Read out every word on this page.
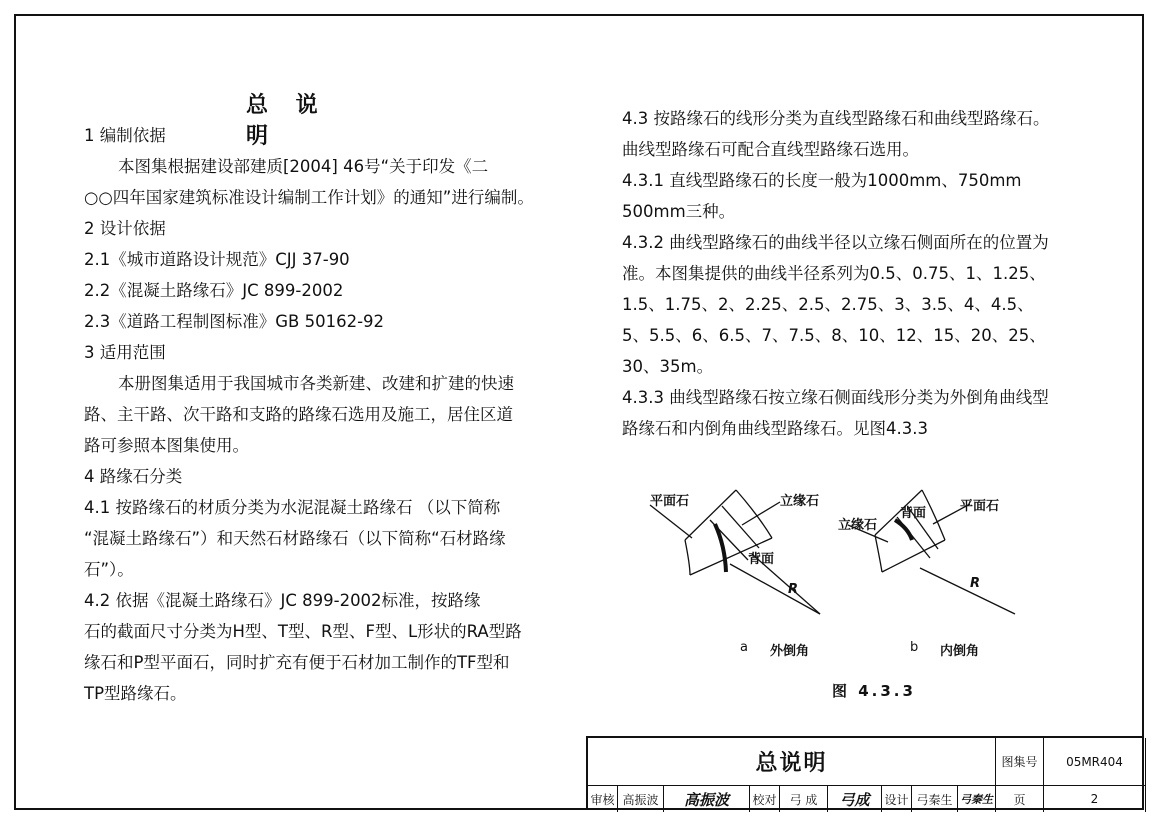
总 说 明
1 编制依据
本图集根据建设部建质[2004] 46号“关于印发《二
○○四年国家建筑标准设计编制工作计划》的通知”进行编制。
2 设计依据
2.1《城市道路设计规范》CJJ 37-90
2.2《混凝土路缘石》JC 899-2002
2.3《道路工程制图标准》GB 50162-92
3 适用范围
本册图集适用于我国城市各类新建、改建和扩建的快速
路、主干路、次干路和支路的路缘石选用及施工，居住区道
路可参照本图集使用。
4 路缘石分类
4.1 按路缘石的材质分类为水泥混凝土路缘石 （以下简称
“混凝土路缘石”）和天然石材路缘石（以下简称“石材路缘
石”）。
4.2 依据《混凝土路缘石》JC 899-2002标准，按路缘
石的截面尺寸分类为H型、T型、R型、F型、L形状的RA型路
缘石和P型平面石，同时扩充有便于石材加工制作的TF型和
TP型路缘石。
4.3 按路缘石的线形分类为直线型路缘石和曲线型路缘石。
曲线型路缘石可配合直线型路缘石选用。
4.3.1 直线型路缘石的长度一般为1000mm、750mm
500mm三种。
4.3.2 曲线型路缘石的曲线半径以立缘石侧面所在的位置为
准。本图集提供的曲线半径系列为0.5、0.75、1、1.25、
1.5、1.75、2、2.25、2.5、2.75、3、3.5、4、4.5、
5、5.5、6、6.5、7、7.5、8、10、12、15、20、25、
30、35m。
4.3.3 曲线型路缘石按立缘石侧面线形分类为外倒角曲线型
路缘石和内倒角曲线型路缘石。见图4.3.3
平面石	立缘石
背面
R
a 外倒角
立缘石
背面	平面石
R
b 内倒角
图 4.3.3
总说明	图集号	05MR404
审核 高振波	高振波	校对	弓 成	弓成	设计 弓秦生 弓秦生	页	2
